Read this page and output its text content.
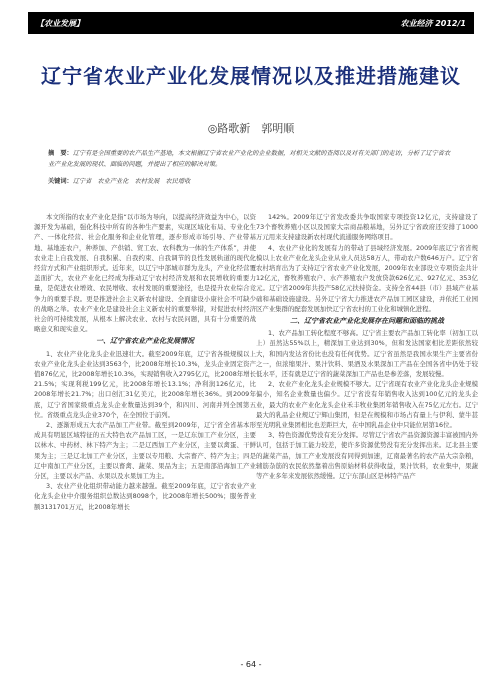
【农业发展】	农业经济 2012/1
辽宁省农业产业化发展情况以及推进措施建议
◎路歌新　郭明顺
摘　要：辽宁有是全国重要的农产品生产基地，本文根据辽宁省农业产业化的企业数据，对相关文献的查阅以及对有关部门的走访，分析了辽宁省农业产业化发展的现状、面临的问题，并提出了相应的解决对策。
关键词：辽宁省　农业产业化　农村发展　农民增收

本文所指的农业产业化是指“以市场为导向，以提高经济效益为中心，以资源开发为基础，强化科技中所有的各种生产要素，实现区域化布局、专业化生产、一体化经营、社会化服务和企业化管理，逐步形成市场引导、产业带基地、基地连农户，种养加、产供销、贸工农、农科教为一体的生产体系”，并使农业走上自我发展、自我积累、自我约束、自我调节的良性发展轨道的现代化经营方式和产业组织形式。近年来，以辽宁中部城市群为龙头，产业化经营覆盖面扩大，农业产业化已经成为推动辽宁农村经济发展和农民增收的重要力量，是促进农业增效、农民增收、农村发展的重要途径，也是提升农业综合竞争力的重要手段。更是推进社会主义新农村建设、全面建设小康社会不可缺少的战略之举。农业产业化是建设社会主义新农村的重要举措，对促进农村经济社会的可持续发展，从根本上解决农业、农村与农民问题，具有十分重要的战略意义和现实意义。

一、辽宁省农业产业化发展情况

1、农业产业化龙头企业迅速壮大。截至2009年底，辽宁省各级规模以上农业产业化龙头企业达到3563个，比2008年增长10.3%，龙头企业固定资产值876亿元，比2008年增长10.3%，实现销售收入2795亿元，比2008年增长21.5%；实现利税199亿元，比2008年增长13.1%；净利润126亿元，比2008年增长21.7%；出口创汇31亿美元，比2008年增长36%。到2009年底，辽宁省国家级重点龙头企业数量达到39个，和四川、河南并列全国第五位。省级重点龙头企业370个，在全国位于前列。

2、逐渐形成五大农产品加工产业带。截至到2009年，辽宁省全省基本形成具有明显区域特征的五大特色农产品加工区，一是辽东加工产业分区，主要以林木、中药材、林下特产为主；二是辽西加工产业分区，主要以禽蛋、干鲜果为主；三是辽北加工产业分区，主要以专用粮、大宗畜产、特产为主；四是辽中南加工产业分区，主要以畜禽、蔬菜、果品为主；五是南部沿海加工产业分区，主要以水产品、水果以及水果加工为主。

3、农业产业化组织带动能力越来越强。截至2009年底，辽宁省农业产业化龙头企业中介服务组织总数达到8098个，比2008年增长500%；服务普业额3131701万元，比2008年增长

142%。2009年辽宁省发改委共争取国家专项投资12亿元，支持建设了73个畜牧养殖小区以及国家大宗商品粮基地，另外辽宁省政府还安排了1000万元用来支持建设新农村现代流通服务网络项目。

4、农业产业化的发展有力的带动了县域经济发展。2009年底辽宁省省规模以上农业产业化龙头企业从业人员达58万人，带动农户数646万户。辽宁省农村培育出为了支持辽宁省农业产业化发展，2009年农业部设立专项资金共计12亿元，畜牧养殖农户、水产养殖农户发放贷款626亿元、927亿元、353亿元。辽宁省2009年共投产58亿元扶持资金。支持全省44县（市）县域产业基础和基础设施建设。另外辽宁省大力推进农产品加工园区建设，并依托工业园区产业集群的配套发展加快辽宁省农村的工业化和城镇化进程。

二、辽宁省农业产业化发展存在问题和面临的挑战

1、农产品加工转化程度不够高。辽宁省主要农产品加工转化率（初加工以上）虽然达55%以上，精深加工业达到30%，但和发达国家相比差距依然较大，和国内发达省份比也没有任何优势。辽宁省虽然是我国水果生产主要省份之一，但浓缩果汁、果汁饮料、果酒及水果深加工产品在全国各省中仍处于较低水平，还有就是辽宁省的蔬菜深加工产品也是参差落，发展较慢。

2、农业产业化龙头企业规模不够大。辽宁省现有农业产业化龙头企业规模偏小，知名企业数量也偏少。辽宁省没有年销售收入达到100亿元的龙头企业，最大的农业产业化龙头企业禾丰牧业集团年销售收入在75亿元左右。辽宁最大的乳品企业规辽宁辉山集团，但是在规模和市场占有量上与伊利、蒙牛甚至光明乳业集团相比也差距巨大，在中国乳品企业中只能位居第16位。

3、特色资源优势没有充分发挥。尽管辽宁省农产品资源资源丰富被国内外认可，包括于加工能力较差，使许多资源优势没有充分发挥出来。辽北县主要的蔬菜产品，加工产业发展没有同得到加速，辽南最著名的农产品大宗杂粮，辅筋杂筋的农民依然靠着出售原始材料获得收益，果汁饮料，农业集中，果蔬等产业多年来发展依然缓慢。辽宁东部山区是林特产品产

- 64 -
